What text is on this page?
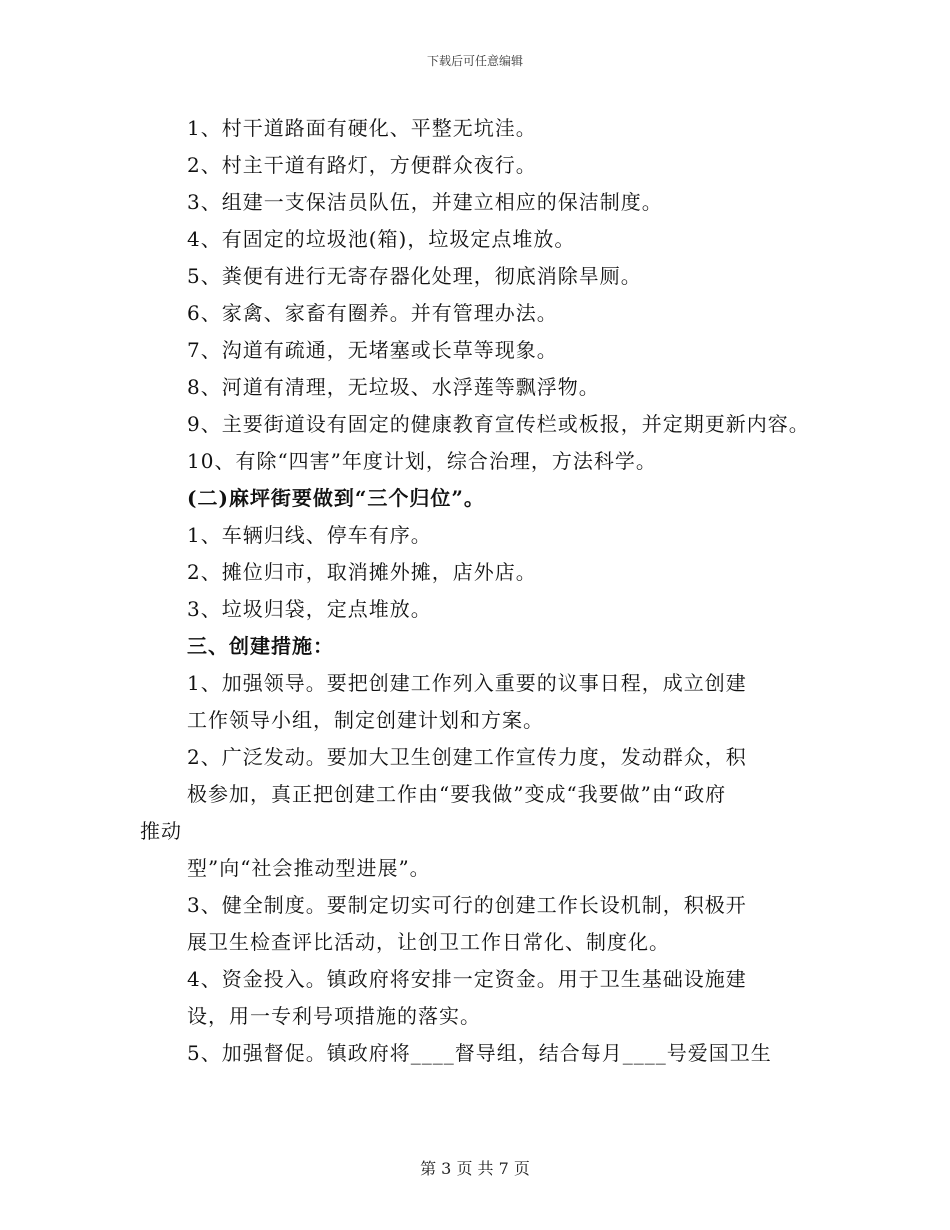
下载后可任意编辑
1、村干道路面有硬化、平整无坑洼。
2、村主干道有路灯，方便群众夜行。
3、组建一支保洁员队伍，并建立相应的保洁制度。
4、有固定的垃圾池(箱)，垃圾定点堆放。
5、粪便有进行无寄存器化处理，彻底消除旱厕。
6、家禽、家畜有圈养。并有管理办法。
7、沟道有疏通，无堵塞或长草等现象。
8、河道有清理，无垃圾、水浮莲等飘浮物。
9、主要街道设有固定的健康教育宣传栏或板报，并定期更新内容。
10、有除“四害”年度计划，综合治理，方法科学。
(二)麻坪街要做到“三个归位”。
1、车辆归线、停车有序。
2、摊位归市，取消摊外摊，店外店。
3、垃圾归袋，定点堆放。
三、创建措施：
1、加强领导。要把创建工作列入重要的议事日程，成立创建
工作领导小组，制定创建计划和方案。
2、广泛发动。要加大卫生创建工作宣传力度，发动群众，积
极参加，真正把创建工作由“要我做”变成“我要做”由“政府
推动
型”向“社会推动型进展”。
3、健全制度。要制定切实可行的创建工作长设机制，积极开
展卫生检查评比活动，让创卫工作日常化、制度化。
4、资金投入。镇政府将安排一定资金。用于卫生基础设施建
设，用一专利号项措施的落实。
5、加强督促。镇政府将____督导组，结合每月____号爱国卫生
第 3 页 共 7 页
